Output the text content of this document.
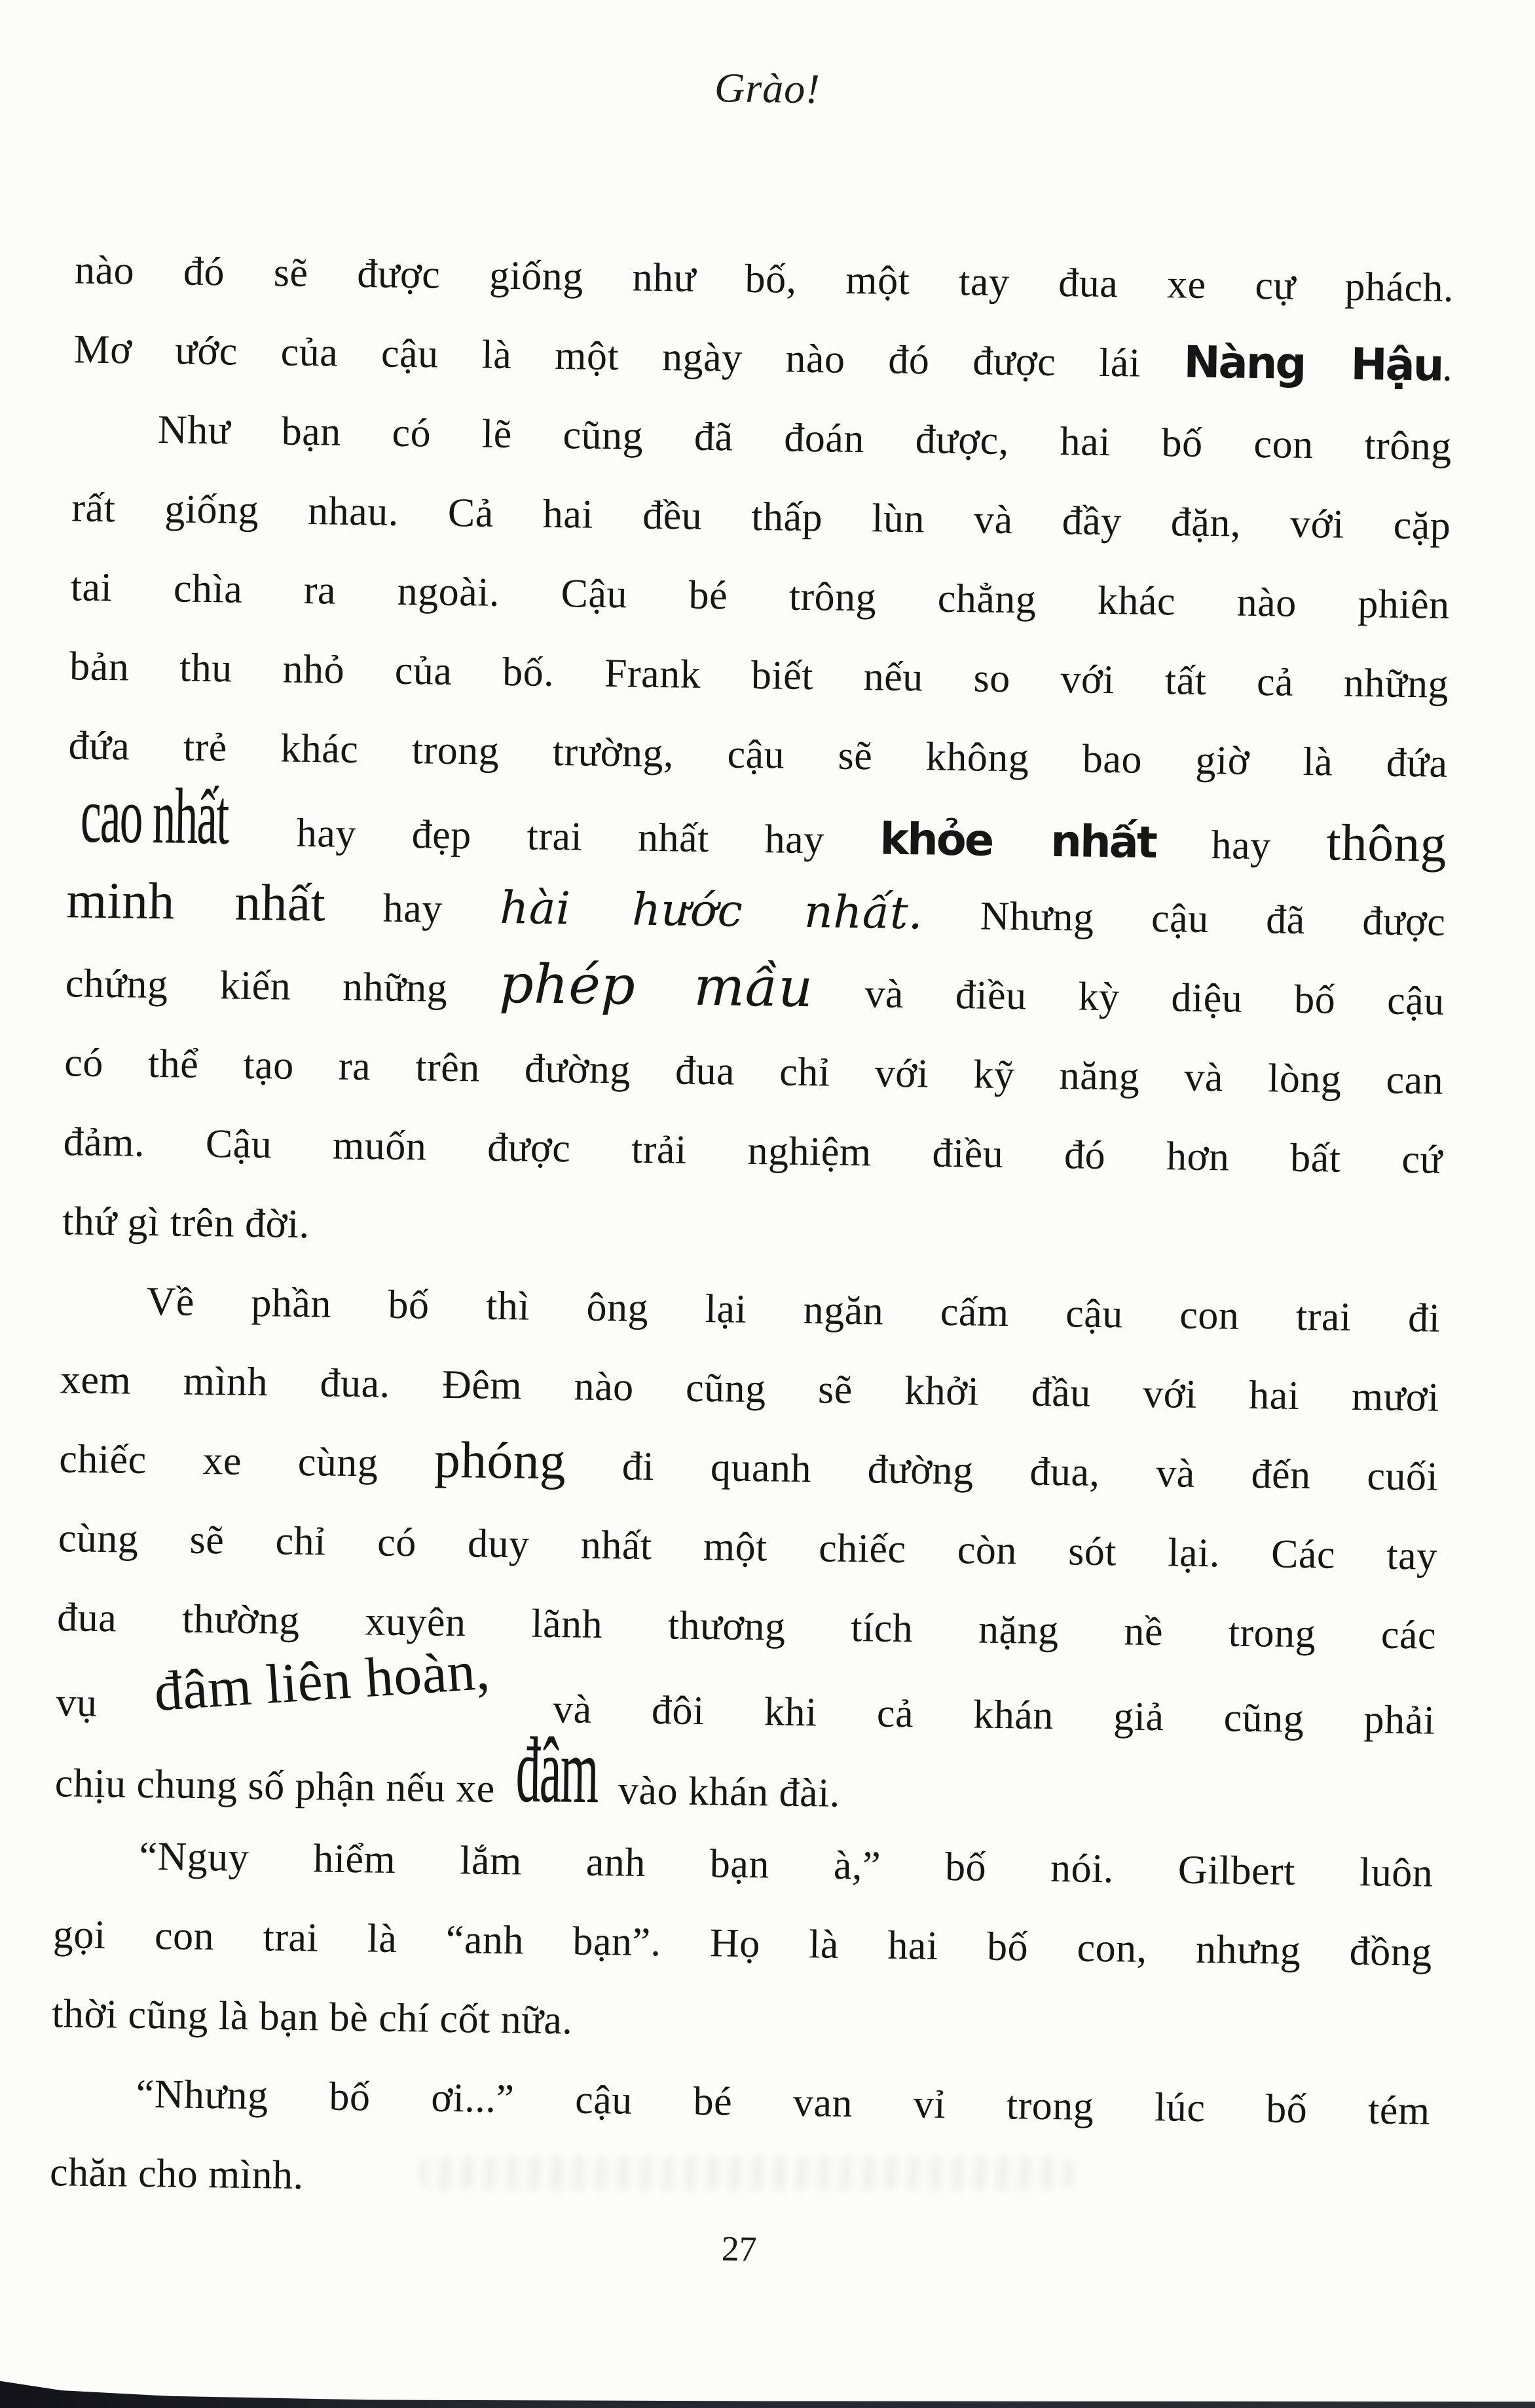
Grào!
nào đó sẽ được giống như bố, một tay đua xe cự phách.
Mơ ước của cậu là một ngày nào đó được lái Nàng Hậu.
Như bạn có lẽ cũng đã đoán được, hai bố con trông
rất giống nhau. Cả hai đều thấp lùn và đầy đặn, với cặp
tai chìa ra ngoài. Cậu bé trông chẳng khác nào phiên
bản thu nhỏ của bố. Frank biết nếu so với tất cả những
đứa trẻ khác trong trường, cậu sẽ không bao giờ là đứa
cao nhất hay đẹp trai nhất hay khỏe nhất hay thông
minh nhất hay hài hước nhất. Nhưng cậu đã được
chứng kiến những phép mầu và điều kỳ diệu bố cậu
có thể tạo ra trên đường đua chỉ với kỹ năng và lòng can
đảm. Cậu muốn được trải nghiệm điều đó hơn bất cứ
thứ gì trên đời.
Về phần bố thì ông lại ngăn cấm cậu con trai đi
xem mình đua. Đêm nào cũng sẽ khởi đầu với hai mươi
chiếc xe cùng phóng đi quanh đường đua, và đến cuối
cùng sẽ chỉ có duy nhất một chiếc còn sót lại. Các tay
đua thường xuyên lãnh thương tích nặng nề trong các
vụ đâm liên hoàn, và đôi khi cả khán giả cũng phải
chịu chung số phận nếu xe đâm vào khán đài.
“Nguy hiểm lắm anh bạn à,” bố nói. Gilbert luôn
gọi con trai là “anh bạn”. Họ là hai bố con, nhưng đồng
thời cũng là bạn bè chí cốt nữa.
“Nhưng bố ơi...” cậu bé van vỉ trong lúc bố tém
chăn cho mình.
27
